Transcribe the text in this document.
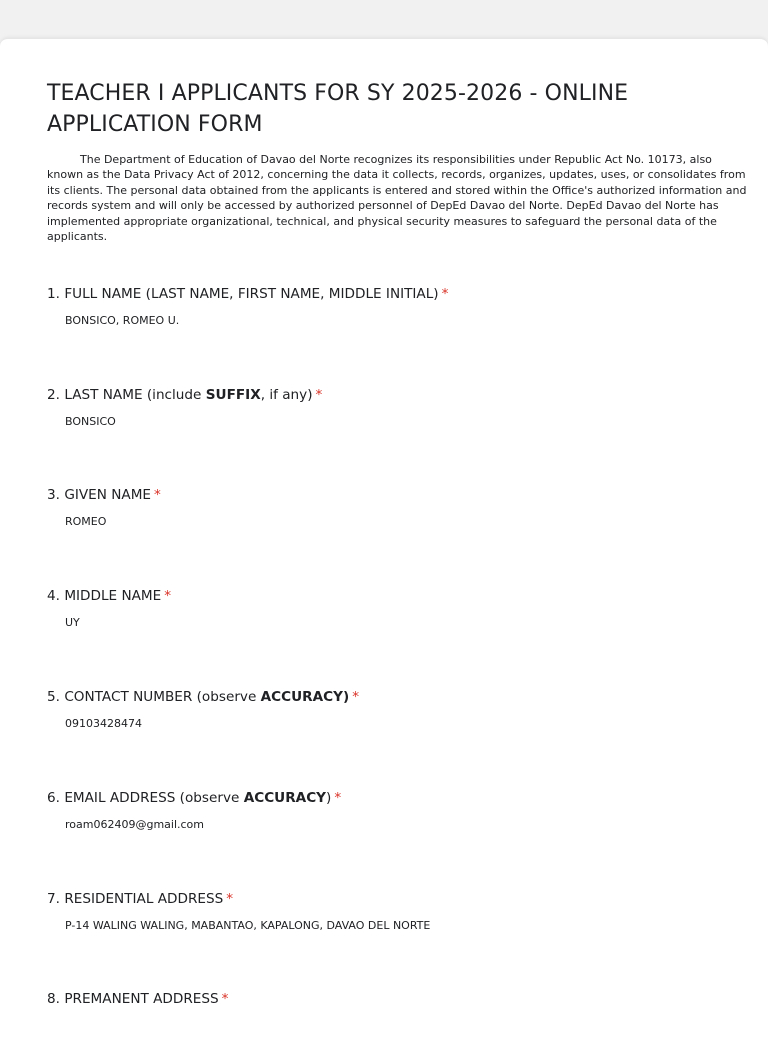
TEACHER I APPLICANTS FOR SY 2025-2026 - ONLINE APPLICATION FORM

The Department of Education of Davao del Norte recognizes its responsibilities under Republic Act No. 10173, also known as the Data Privacy Act of 2012, concerning the data it collects, records, organizes, updates, uses, or consolidates from its clients. The personal data obtained from the applicants is entered and stored within the Office's authorized information and records system and will only be accessed by authorized personnel of DepEd Davao del Norte. DepEd Davao del Norte has implemented appropriate organizational, technical, and physical security measures to safeguard the personal data of the applicants.

1. FULL NAME (LAST NAME, FIRST NAME, MIDDLE INITIAL) *
BONSICO, ROMEO U.
2. LAST NAME (include SUFFIX, if any) *
BONSICO
3. GIVEN NAME *
ROMEO
4. MIDDLE NAME *
UY
5. CONTACT NUMBER (observe ACCURACY) *
09103428474
6. EMAIL ADDRESS (observe ACCURACY) *
roam062409@gmail.com
7. RESIDENTIAL ADDRESS *
P-14 WALING WALING, MABANTAO, KAPALONG, DAVAO DEL NORTE
8. PREMANENT ADDRESS *
